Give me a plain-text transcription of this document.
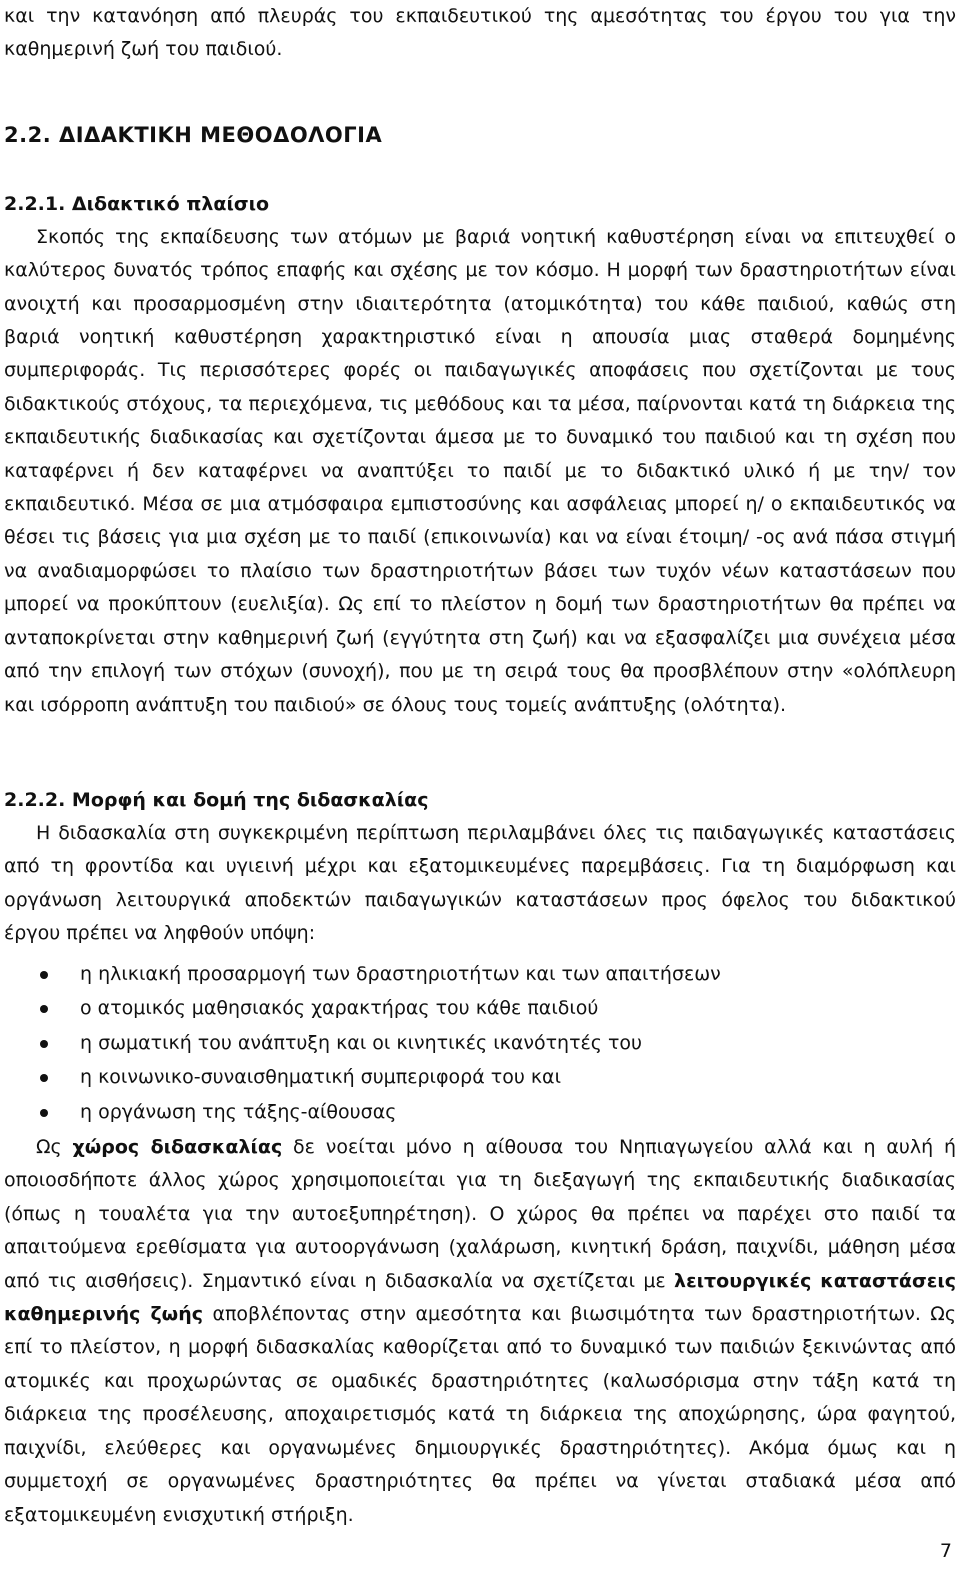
και την κατανόηση από πλευράς του εκπαιδευτικού της αμεσότητας του έργου του για την καθημερινή ζωή του παιδιού.

2.2. ΔΙΔΑΚΤΙΚΗ ΜΕΘΟΔΟΛΟΓΙΑ
2.2.1. Διδακτικό πλαίσιο

Σκοπός της εκπαίδευσης των ατόμων με βαριά νοητική καθυστέρηση είναι να επιτευχθεί ο καλύτερος δυνατός τρόπος επαφής και σχέσης με τον κόσμο. Η μορφή των δραστηριοτήτων είναι ανοιχτή και προσαρμοσμένη στην ιδιαιτερότητα (ατομικότητα) του κάθε παιδιού, καθώς στη βαριά νοητική καθυστέρηση χαρακτηριστικό είναι η απουσία μιας σταθερά δομημένης συμπεριφοράς. Τις περισσότερες φορές οι παιδαγωγικές αποφάσεις που σχετίζονται με τους διδακτικούς στόχους, τα περιεχόμενα, τις μεθόδους και τα μέσα, παίρνονται κατά τη διάρκεια της εκπαιδευτικής διαδικασίας και σχετίζονται άμεσα με το δυναμικό του παιδιού και τη σχέση που καταφέρνει ή δεν καταφέρνει να αναπτύξει το παιδί με το διδακτικό υλικό ή με την/ τον εκπαιδευτικό. Μέσα σε μια ατμόσφαιρα εμπιστοσύνης και ασφάλειας μπορεί η/ ο εκπαιδευτικός να θέσει τις βάσεις για μια σχέση με το παιδί (επικοινωνία) και να είναι έτοιμη/ -ος ανά πάσα στιγμή να αναδιαμορφώσει το πλαίσιο των δραστηριοτήτων βάσει των τυχόν νέων καταστάσεων που μπορεί να προκύπτουν (ευελιξία). Ως επί το πλείστον η δομή των δραστηριοτήτων θα πρέπει να ανταποκρίνεται στην καθημερινή ζωή (εγγύτητα στη ζωή) και να εξασφαλίζει μια συνέχεια μέσα από την επιλογή των στόχων (συνοχή), που με τη σειρά τους θα προσβλέπουν στην «ολόπλευρη και ισόρροπη ανάπτυξη του παιδιού» σε όλους τους τομείς ανάπτυξης (ολότητα).

2.2.2. Μορφή και δομή της διδασκαλίας

Η διδασκαλία στη συγκεκριμένη περίπτωση περιλαμβάνει όλες τις παιδαγωγικές καταστάσεις από τη φροντίδα και υγιεινή μέχρι και εξατομικευμένες παρεμβάσεις. Για τη διαμόρφωση και οργάνωση λειτουργικά αποδεκτών παιδαγωγικών καταστάσεων προς όφελος του διδακτικού έργου πρέπει να ληφθούν υπόψη:

η ηλικιακή προσαρμογή των δραστηριοτήτων και των απαιτήσεων
ο ατομικός μαθησιακός χαρακτήρας του κάθε παιδιού
η σωματική του ανάπτυξη και οι κινητικές ικανότητές του
η κοινωνικο-συναισθηματική συμπεριφορά του και
η οργάνωση της τάξης-αίθουσας

Ως χώρος διδασκαλίας δε νοείται μόνο η αίθουσα του Νηπιαγωγείου αλλά και η αυλή ή οποιοσδήποτε άλλος χώρος χρησιμοποιείται για τη διεξαγωγή της εκπαιδευτικής διαδικασίας (όπως η τουαλέτα για την αυτοεξυπηρέτηση). Ο χώρος θα πρέπει να παρέχει στο παιδί τα απαιτούμενα ερεθίσματα για αυτοοργάνωση (χαλάρωση, κινητική δράση, παιχνίδι, μάθηση μέσα από τις αισθήσεις). Σημαντικό είναι η διδασκαλία να σχετίζεται με λειτουργικές καταστάσεις καθημερινής ζωής αποβλέποντας στην αμεσότητα και βιωσιμότητα των δραστηριοτήτων. Ως επί το πλείστον, η μορφή διδασκαλίας καθορίζεται από το δυναμικό των παιδιών ξεκινώντας από ατομικές και προχωρώντας σε ομαδικές δραστηριότητες (καλωσόρισμα στην τάξη κατά τη διάρκεια της προσέλευσης, αποχαιρετισμός κατά τη διάρκεια της αποχώρησης, ώρα φαγητού, παιχνίδι, ελεύθερες και οργανωμένες δημιουργικές δραστηριότητες). Ακόμα όμως και η συμμετοχή σε οργανωμένες δραστηριότητες θα πρέπει να γίνεται σταδιακά μέσα από εξατομικευμένη ενισχυτική στήριξη.

7
